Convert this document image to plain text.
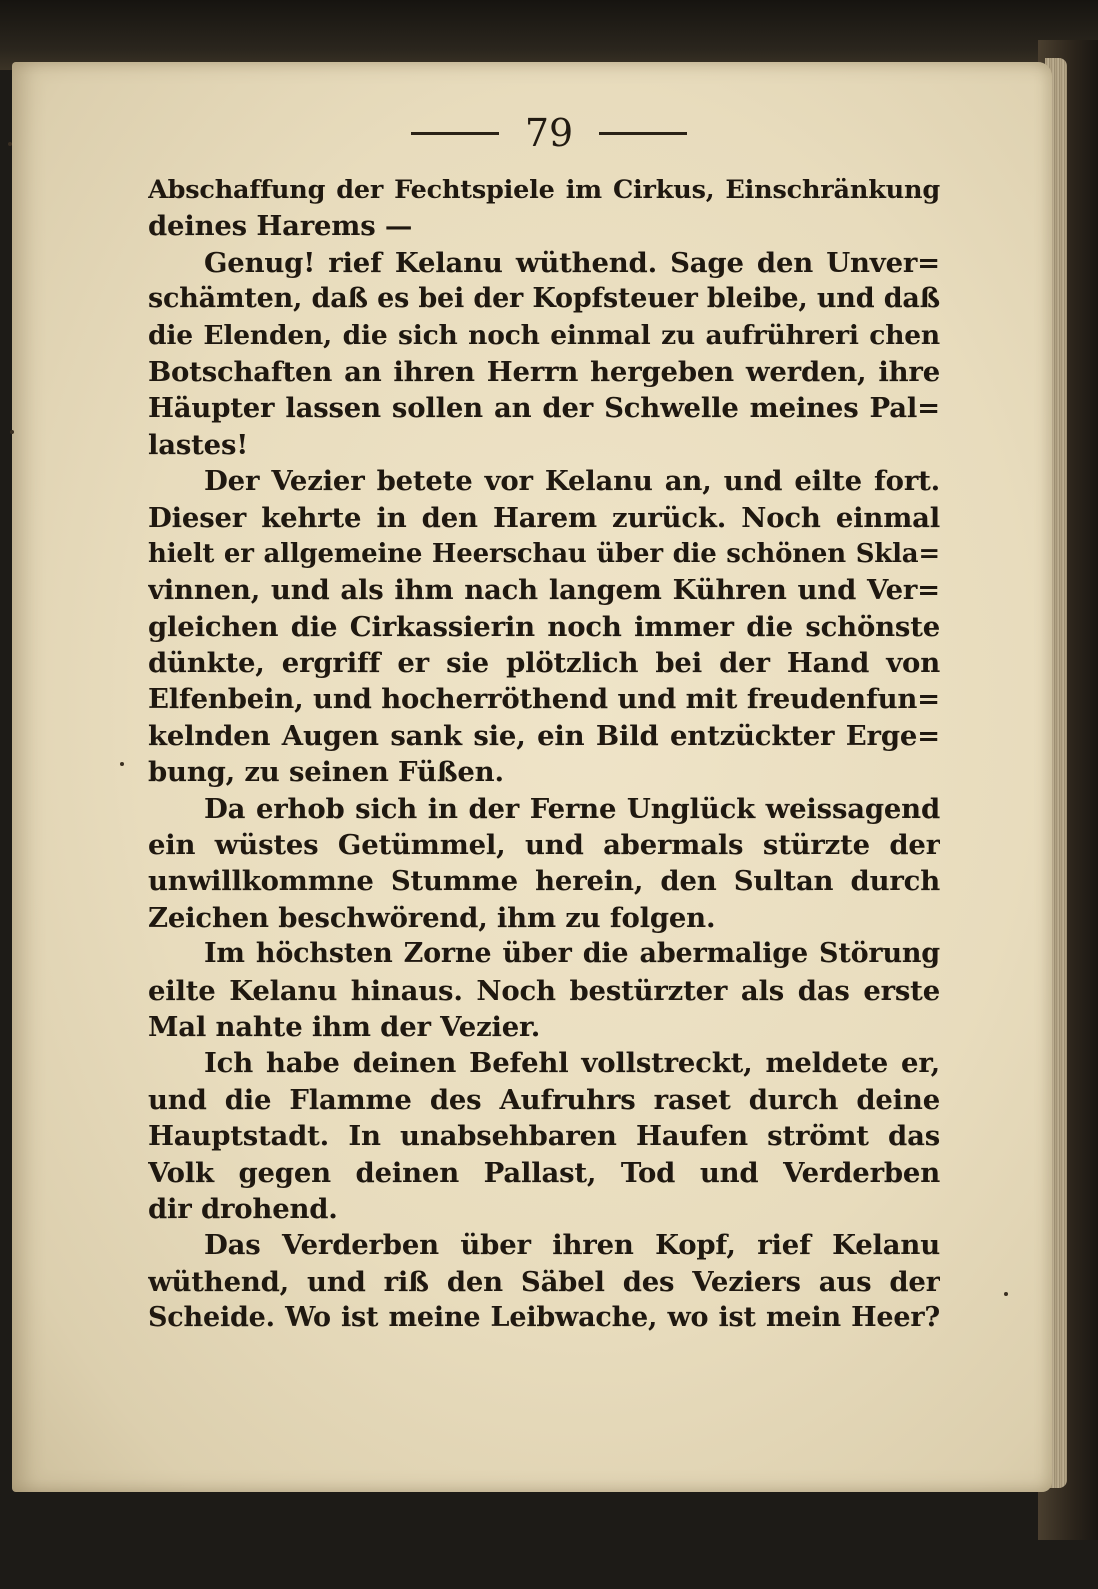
79
Abschaffung der Fechtspiele im Cirkus, Einschränkung
deines Harems —
Genug! rief Kelanu wüthend. Sage den Unver=
schämten, daß es bei der Kopfsteuer bleibe, und daß
die Elenden, die sich noch einmal zu aufrühreri chen
Botschaften an ihren Herrn hergeben werden, ihre
Häupter lassen sollen an der Schwelle meines Pal=
lastes!
Der Vezier betete vor Kelanu an, und eilte fort.
Dieser kehrte in den Harem zurück. Noch einmal
hielt er allgemeine Heerschau über die schönen Skla=
vinnen, und als ihm nach langem Kühren und Ver=
gleichen die Cirkassierin noch immer die schönste
dünkte, ergriff er sie plötzlich bei der Hand von
Elfenbein, und hocherröthend und mit freudenfun=
kelnden Augen sank sie, ein Bild entzückter Erge=
bung, zu seinen Füßen.
Da erhob sich in der Ferne Unglück weissagend
ein wüstes Getümmel, und abermals stürzte der
unwillkommne Stumme herein, den Sultan durch
Zeichen beschwörend, ihm zu folgen.
Im höchsten Zorne über die abermalige Störung
eilte Kelanu hinaus. Noch bestürzter als das erste
Mal nahte ihm der Vezier.
Ich habe deinen Befehl vollstreckt, meldete er,
und die Flamme des Aufruhrs raset durch deine
Hauptstadt. In unabsehbaren Haufen strömt das
Volk gegen deinen Pallast, Tod und Verderben
dir drohend.
Das Verderben über ihren Kopf, rief Kelanu
wüthend, und riß den Säbel des Veziers aus der
Scheide. Wo ist meine Leibwache, wo ist mein Heer?
